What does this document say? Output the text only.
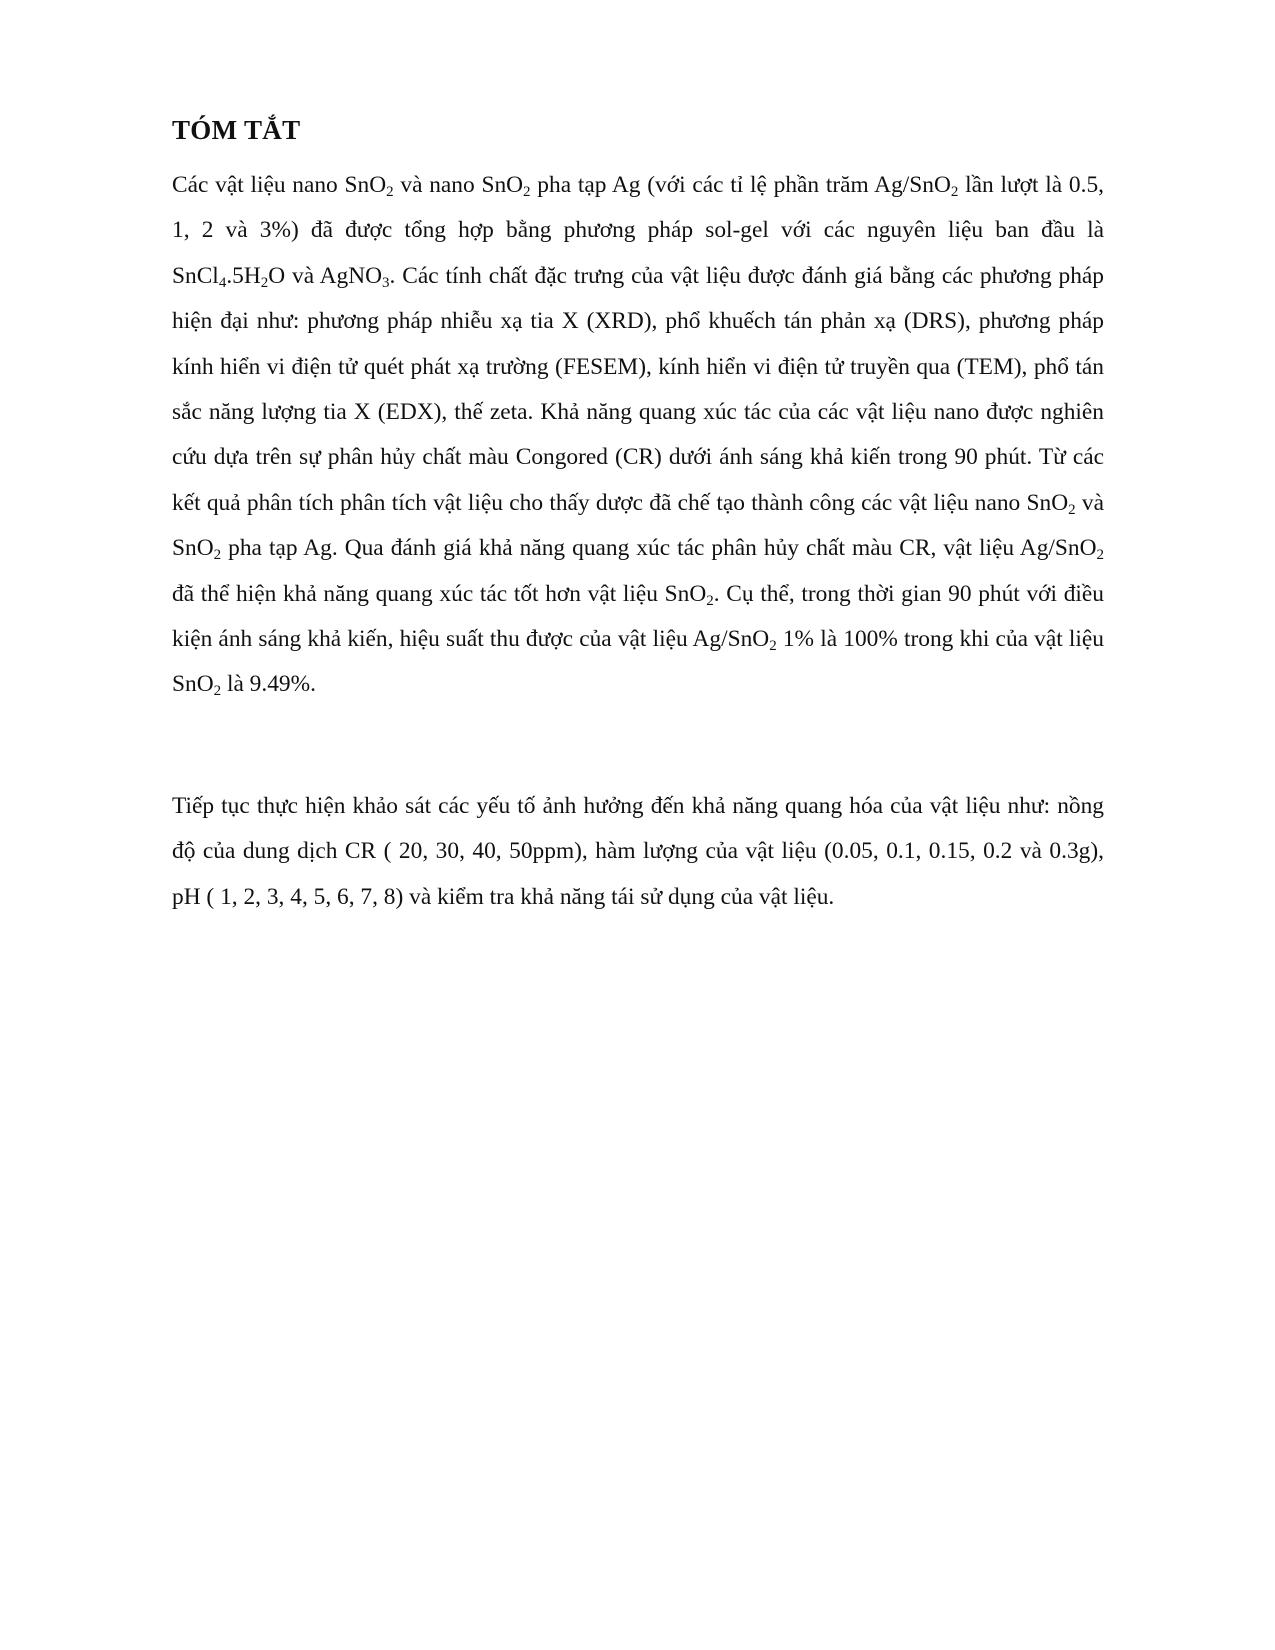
TÓM TẮT

Các vật liệu nano SnO$_2$ và nano SnO$_2$ pha tạp Ag (với các tỉ lệ phần trăm Ag/SnO$_2$ lần lượt là 0.5, 1, 2 và 3%) đã được tổng hợp bằng phương pháp sol-gel với các nguyên liệu ban đầu là $SnCl_4.5H_2O$ và AgNO$_3$. Các tính chất đặc trưng của vật liệu được đánh giá bằng các phương pháp hiện đại như: phương pháp nhiễu xạ tia X (XRD), phổ khuếch tán phản xạ (DRS), phương pháp kính hiển vi điện tử quét phát xạ trường (FESEM), kính hiển vi điện tử truyền qua (TEM), phổ tán sắc năng lượng tia X (EDX), thế zeta. Khả năng quang xúc tác của các vật liệu nano được nghiên cứu dựa trên sự phân hủy chất màu Congored (CR) dưới ánh sáng khả kiến trong 90 phút. Từ các kết quả phân tích phân tích vật liệu cho thấy dược đã chế tạo thành công các vật liệu nano SnO$_2$ và SnO$_2$ pha tạp Ag. Qua đánh giá khả năng quang xúc tác phân hủy chất màu CR, vật liệu Ag/SnO$_2$ đã thể hiện khả năng quang xúc tác tốt hơn vật liệu SnO$_2$. Cụ thể, trong thời gian 90 phút với điều kiện ánh sáng khả kiến, hiệu suất thu được của vật liệu Ag/SnO$_2$ 1% là 100% trong khi của vật liệu SnO$_2$ là 9.49%.

Tiếp tục thực hiện khảo sát các yếu tố ảnh hưởng đến khả năng quang hóa của vật liệu như: nồng độ của dung dịch CR ( 20, 30, 40, 50ppm), hàm lượng của vật liệu (0.05, 0.1, 0.15, 0.2 và 0.3g), pH ( 1, 2, 3, 4, 5, 6, 7, 8) và kiểm tra khả năng tái sử dụng của vật liệu.
